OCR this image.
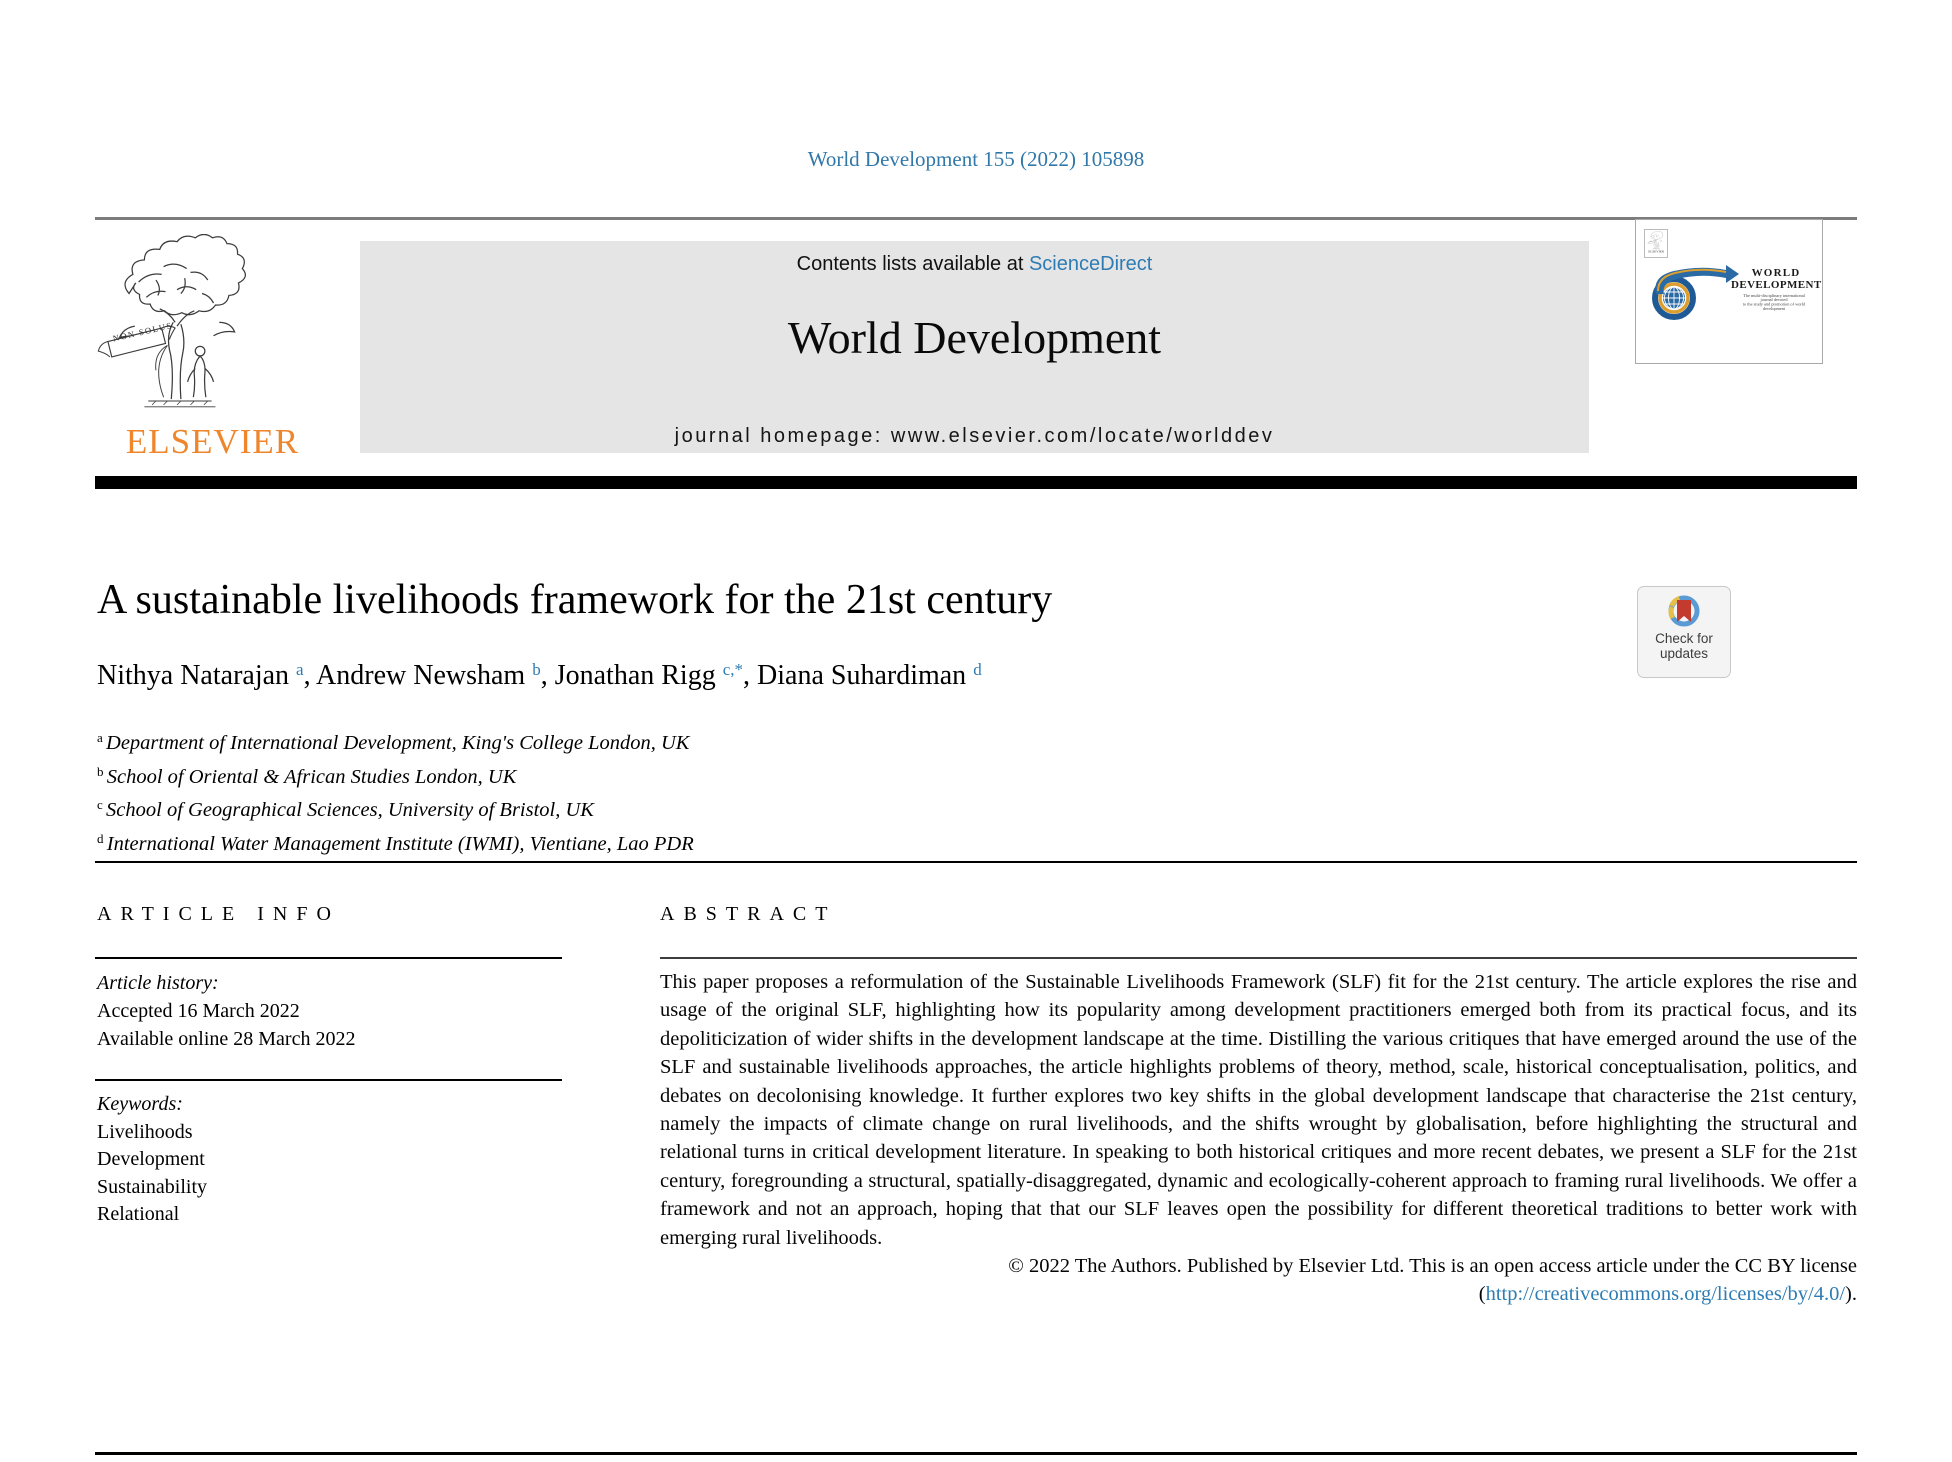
World Development 155 (2022) 105898
ELSEVIER
Contents lists available at ScienceDirect
World Development
journal homepage: www.elsevier.com/locate/worlddev
ELSEVIER
WORLD
DEVELOPMENT
The multi-disciplinary international journal devoted
to the study and promotion of world development
A sustainable livelihoods framework for the 21st century
Check for
updates
Nithya Natarajan $^a$, Andrew Newsham $^b$, Jonathan Rigg $^{c,*}$, Diana Suhardiman $^d$
$^a$ Department of International Development, King's College London, UK
$^b$ School of Oriental & African Studies London, UK
$^c$ School of Geographical Sciences, University of Bristol, UK
$^d$ International Water Management Institute (IWMI), Vientiane, Lao PDR
ARTICLE INFO	ABSTRACT
Article history:
Accepted 16 March 2022
Available online 28 March 2022
Keywords:
Livelihoods
Development
Sustainability
Relational
This paper proposes a reformulation of the Sustainable Livelihoods Framework (SLF) fit for the 21st century. The article explores the rise and usage of the original SLF, highlighting how its popularity among development practitioners emerged both from its practical focus, and its depoliticization of wider shifts in the development landscape at the time. Distilling the various critiques that have emerged around the use of the SLF and sustainable livelihoods approaches, the article highlights problems of theory, method, scale, historical conceptualisation, politics, and debates on decolonising knowledge. It further explores two key shifts in the global development landscape that characterise the 21st century, namely the impacts of climate change on rural livelihoods, and the shifts wrought by globalisation, before highlighting the structural and relational turns in critical development literature. In speaking to both historical critiques and more recent debates, we present a SLF for the 21st century, foregrounding a structural, spatially-disaggregated, dynamic and ecologically-coherent approach to framing rural livelihoods. We offer a framework and not an approach, hoping that that our SLF leaves open the possibility for different theoretical traditions to better work with emerging rural livelihoods.
© 2022 The Authors. Published by Elsevier Ltd. This is an open access article under the CC BY license (http://creativecommons.org/licenses/by/4.0/).
